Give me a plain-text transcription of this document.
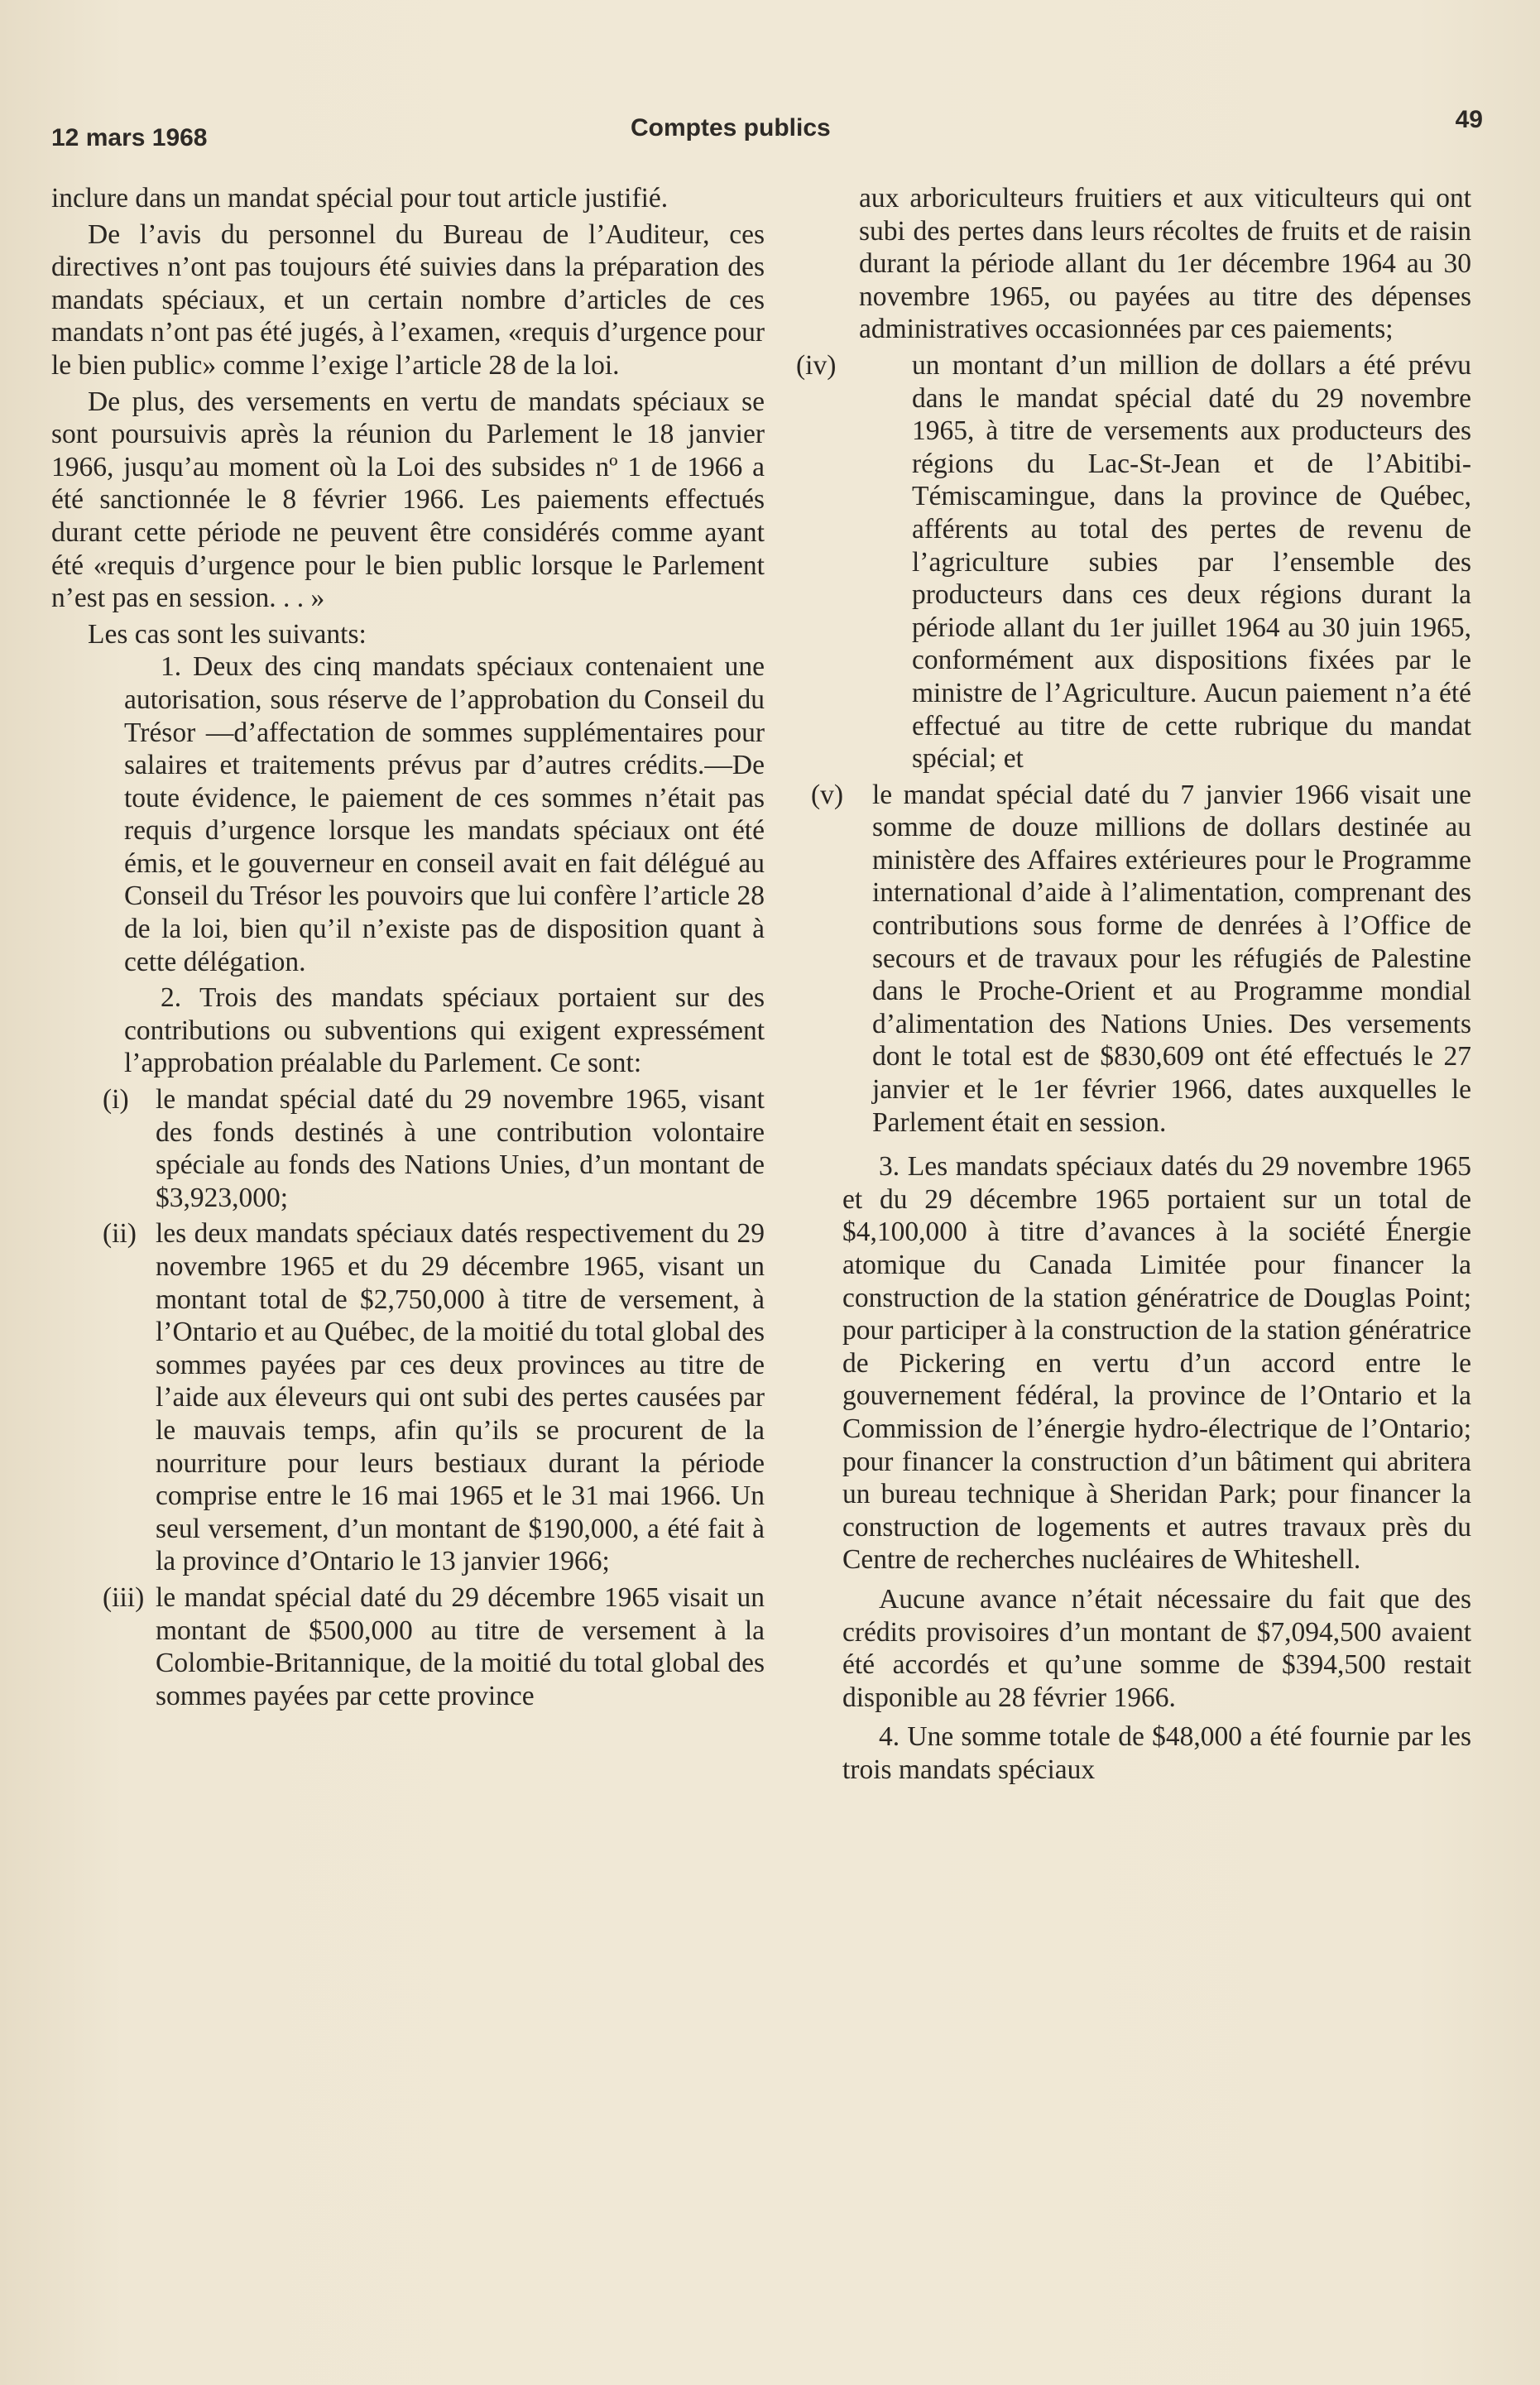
12 mars 1968	Comptes publics	49

inclure dans un mandat spécial pour tout article justifié.

De l’avis du personnel du Bureau de l’Auditeur, ces directives n’ont pas toujours été suivies dans la préparation des mandats spéciaux, et un certain nombre d’articles de ces mandats n’ont pas été jugés, à l’examen, «requis d’urgence pour le bien public» comme l’exige l’article 28 de la loi.

De plus, des versements en vertu de mandats spéciaux se sont poursuivis après la réunion du Parlement le 18 janvier 1966, jusqu’au moment où la Loi des subsides nº 1 de 1966 a été sanctionnée le 8 février 1966. Les paiements effectués durant cette période ne peuvent être considérés comme ayant été «requis d’urgence pour le bien public lorsque le Parlement n’est pas en session. . . »

Les cas sont les suivants:

1. Deux des cinq mandats spéciaux contenaient une autorisation, sous réserve de l’approbation du Conseil du Trésor —d’affectation de sommes supplémentaires pour salaires et traitements prévus par d’autres crédits.—De toute évidence, le paiement de ces sommes n’était pas requis d’urgence lorsque les mandats spéciaux ont été émis, et le gouverneur en conseil avait en fait délégué au Conseil du Trésor les pouvoirs que lui confère l’article 28 de la loi, bien qu’il n’existe pas de disposition quant à cette délégation.

2. Trois des mandats spéciaux portaient sur des contributions ou subventions qui exigent expressément l’approbation préalable du Parlement. Ce sont:

(i) le mandat spécial daté du 29 novembre 1965, visant des fonds destinés à une contribution volontaire spéciale au fonds des Nations Unies, d’un montant de $3,923,000;
(ii) les deux mandats spéciaux datés respectivement du 29 novembre 1965 et du 29 décembre 1965, visant un montant total de $2,750,000 à titre de versement, à l’Ontario et au Québec, de la moitié du total global des sommes payées par ces deux provinces au titre de l’aide aux éleveurs qui ont subi des pertes causées par le mauvais temps, afin qu’ils se procurent de la nourriture pour leurs bestiaux durant la période comprise entre le 16 mai 1965 et le 31 mai 1966. Un seul versement, d’un montant de $190,000, a été fait à la province d’Ontario le 13 janvier 1966;
(iii) le mandat spécial daté du 29 décembre 1965 visait un montant de $500,000 au titre de versement à la Colombie-Britannique, de la moitié du total global des sommes payées par cette province

aux arboriculteurs fruitiers et aux viticulteurs qui ont subi des pertes dans leurs récoltes de fruits et de raisin durant la période allant du 1er décembre 1964 au 30 novembre 1965, ou payées au titre des dépenses administratives occasionnées par ces paiements;

(iv)	un montant d’un million de dollars a été prévu dans le mandat spécial daté du 29 novembre 1965, à titre de versements aux producteurs des régions du Lac-St-Jean et de l’Abitibi-Témiscamingue, dans la province de Québec, afférents au total des pertes de revenu de l’agriculture subies par l’ensemble des producteurs dans ces deux régions durant la période allant du 1er juillet 1964 au 30 juin 1965, conformément aux dispositions fixées par le ministre de l’Agriculture. Aucun paiement n’a été effectué au titre de cette rubrique du mandat spécial; et
(v) le mandat spécial daté du 7 janvier 1966 visait une somme de douze millions de dollars destinée au ministère des Affaires extérieures pour le Programme international d’aide à l’alimentation, comprenant des contributions sous forme de denrées à l’Office de secours et de travaux pour les réfugiés de Palestine dans le Proche-Orient et au Programme mondial d’alimentation des Nations Unies. Des versements dont le total est de $830,609 ont été effectués le 27 janvier et le 1er février 1966, dates auxquelles le Parlement était en session.

3. Les mandats spéciaux datés du 29 novembre 1965 et du 29 décembre 1965 portaient sur un total de $4,100,000 à titre d’avances à la société Énergie atomique du Canada Limitée pour financer la construction de la station génératrice de Douglas Point; pour participer à la construction de la station génératrice de Pickering en vertu d’un accord entre le gouvernement fédéral, la province de l’Ontario et la Commission de l’énergie hydro-électrique de l’Ontario; pour financer la construction d’un bâtiment qui abritera un bureau technique à Sheridan Park; pour financer la construction de logements et autres travaux près du Centre de recherches nucléaires de Whiteshell.

Aucune avance n’était nécessaire du fait que des crédits provisoires d’un montant de $7,094,500 avaient été accordés et qu’une somme de $394,500 restait disponible au 28 février 1966.

4. Une somme totale de $48,000 a été fournie par les trois mandats spéciaux
